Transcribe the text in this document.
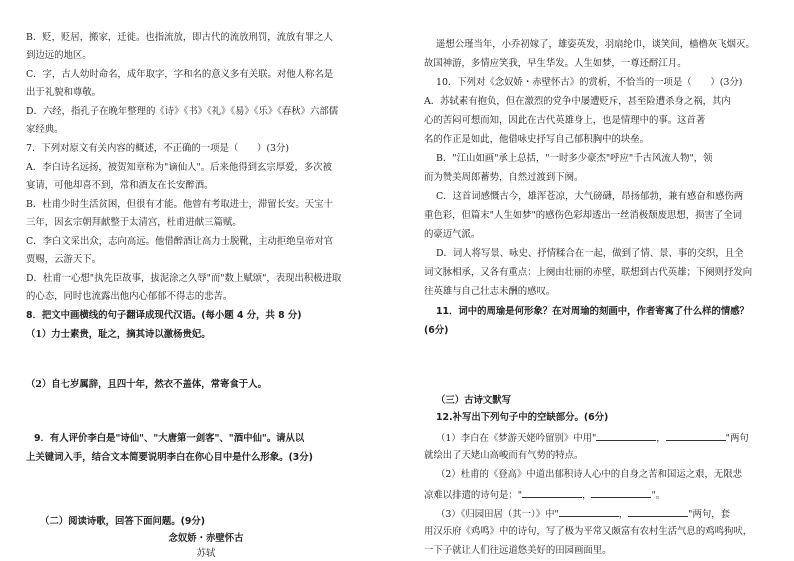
B．贬，贬居，搬家，迁徙。也指流放，即古代的流放刑罚，流放有罪之人
到边远的地区。
C．字，古人幼时命名，成年取字，字和名的意义多有关联。对他人称名是
出于礼貌和尊敬。
D．六经，指孔子在晚年整理的《诗》《书》《礼》《易》《乐》《春秋》六部儒
家经典。
7．下列对原文有关内容的概述，不正确的一项是（　　）(3分)
A．李白诗名远扬，被贺知章称为"谪仙人"。后来他得到玄宗厚爱，多次被
宴请，可他却喜不到，常和酒友在长安醉酒。
B．杜甫少时生活贫困，但很有才能。他曾有考取进士，滞留长安。天宝十
三年，因玄宗朝拜献整于太清宫，杜甫进献三篇赋。
C．李白文采出众，志向高远。他借醉酒让高力士脱靴，主动拒绝皇帝对官
贾赐，云游天下。
D．杜甫一心想"执先臣故事，拔泥涂之久辱"而"数上赋颂"，表现出积极进取
的心态，同时也流露出他内心郁郁不得志的悲苦。
8．把文中画横线的句子翻译成现代汉语。(每小题 4 分，共 8 分)
（1）力士素贵，耻之，摘其诗以激杨贵妃。
（2）自七岁属辞，且四十年，然衣不盖体，常寄食于人。
9．有人评价李白是"诗仙"、"大唐第一剑客"、"酒中仙"。请从以
上关键词入手，结合文本简要说明李白在你心目中是什么形象。(3分)
（二）阅读诗歌，回答下面问题。(9分)
遥想公瑾当年，小乔初嫁了，雄姿英发，羽扇纶巾，谈笑间，樯橹灰飞烟灭。
故国神游，多情应笑我，早生华发。人生如梦，一尊还酹江月。
10．下列对《念奴娇・赤壁怀古》的赏析，不恰当的一项是（　　）(3分)
A．苏轼素有抱负，但在激烈的党争中屡遭贬斥，甚至险遭杀身之祸，其内
心的苦闷可想而知，因此在古代英雄身上，也是情理中的事。这首著
名的作正是如此，他借咏史抒写自己郁积胸中的块垒。
B．"江山如画"承上总括，"一时多少豪杰"呼应"千古风流人物"，领
而为赞美周郎蓄势，自然过渡到下阕。
C．这首词感慨古今，雄浑苍凉，大气磅礴，昂扬郁勃，兼有感奋和感伤两
重色彩，但篇末"人生如梦"的感伤色彩却透出一丝消极颓废思想，损害了全词
的豪迈气派。
D．词人将写景、咏史、抒情糅合在一起，做到了情、景、事的交织，且全
词文脉相承，又各有重点：上阕由壮丽的赤壁，联想到古代英雄；下阕则抒发向
往英雄与自己壮志未酬的感叹。
11．词中的周瑜是何形象？在对周瑜的刻画中，作者寄寓了什么样的情感？
(6分)
（三）古诗文默写
12.补写出下列句子中的空缺部分。(6分)
（1）李白在《梦游天姥吟留别》中用"	，	"两句
就绘出了天姥山高峻而有气势的特点。
（2）杜甫的《登高》中道出郁积诗人心中的自身之苦和国运之艰，无限悲
凉难以排遣的诗句是："	，	"。
（3）《归园田居（其一）》中"	，	"两句，套
用汉乐府《鸡鸣》中的诗句，写了极为平常又颇富有农村生活气息的鸡鸣狗吠，
一下子就让人们往远道悠美好的田园画面里。
念奴娇・赤壁怀古
苏轼
